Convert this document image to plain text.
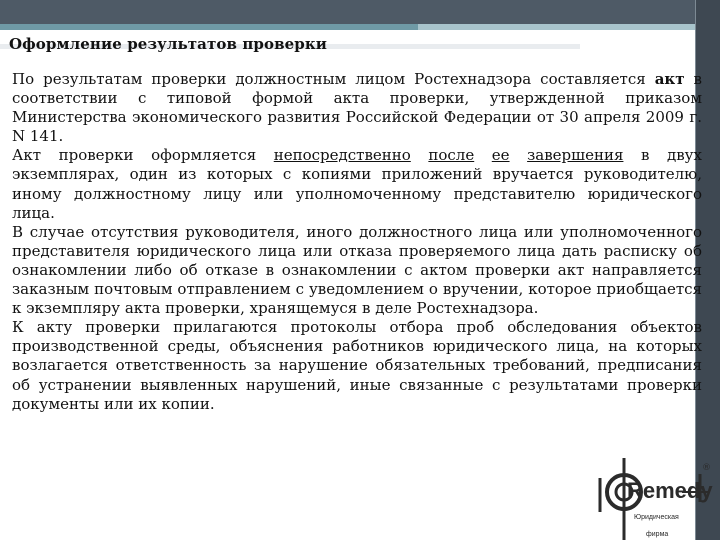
Оформление результатов проверки

По результатам проверки должностным лицом Ростехнадзора составляется акт в соответствии с типовой формой акта проверки, утвержденной приказом Министерства экономического развития Российской Федерации от 30 апреля 2009 г. N 141.

Акт проверки оформляется непосредственно после ее завершения в двух экземплярах, один из которых с копиями приложений вручается руководителю, иному должностному лицу или уполномоченному представителю юридического лица.

В случае отсутствия руководителя, иного должностного лица или уполномоченного представителя юридического лица или отказа проверяемого лица дать расписку об ознакомлении либо об отказе в ознакомлении с актом проверки акт направляется заказным почтовым отправлением с уведомлением о вручении, которое приобщается к экземпляру акта проверки, хранящемуся в деле Ростехнадзора.

К акту проверки прилагаются протоколы отбора проб обследования объектов производственной среды, объяснения работников юридического лица, на которых возлагается ответственность за нарушение обязательных требований, предписания об устранении выявленных нарушений, иные связанные с результатами проверки документы или их копии.

Remedy
®
Юридическая
фирма
